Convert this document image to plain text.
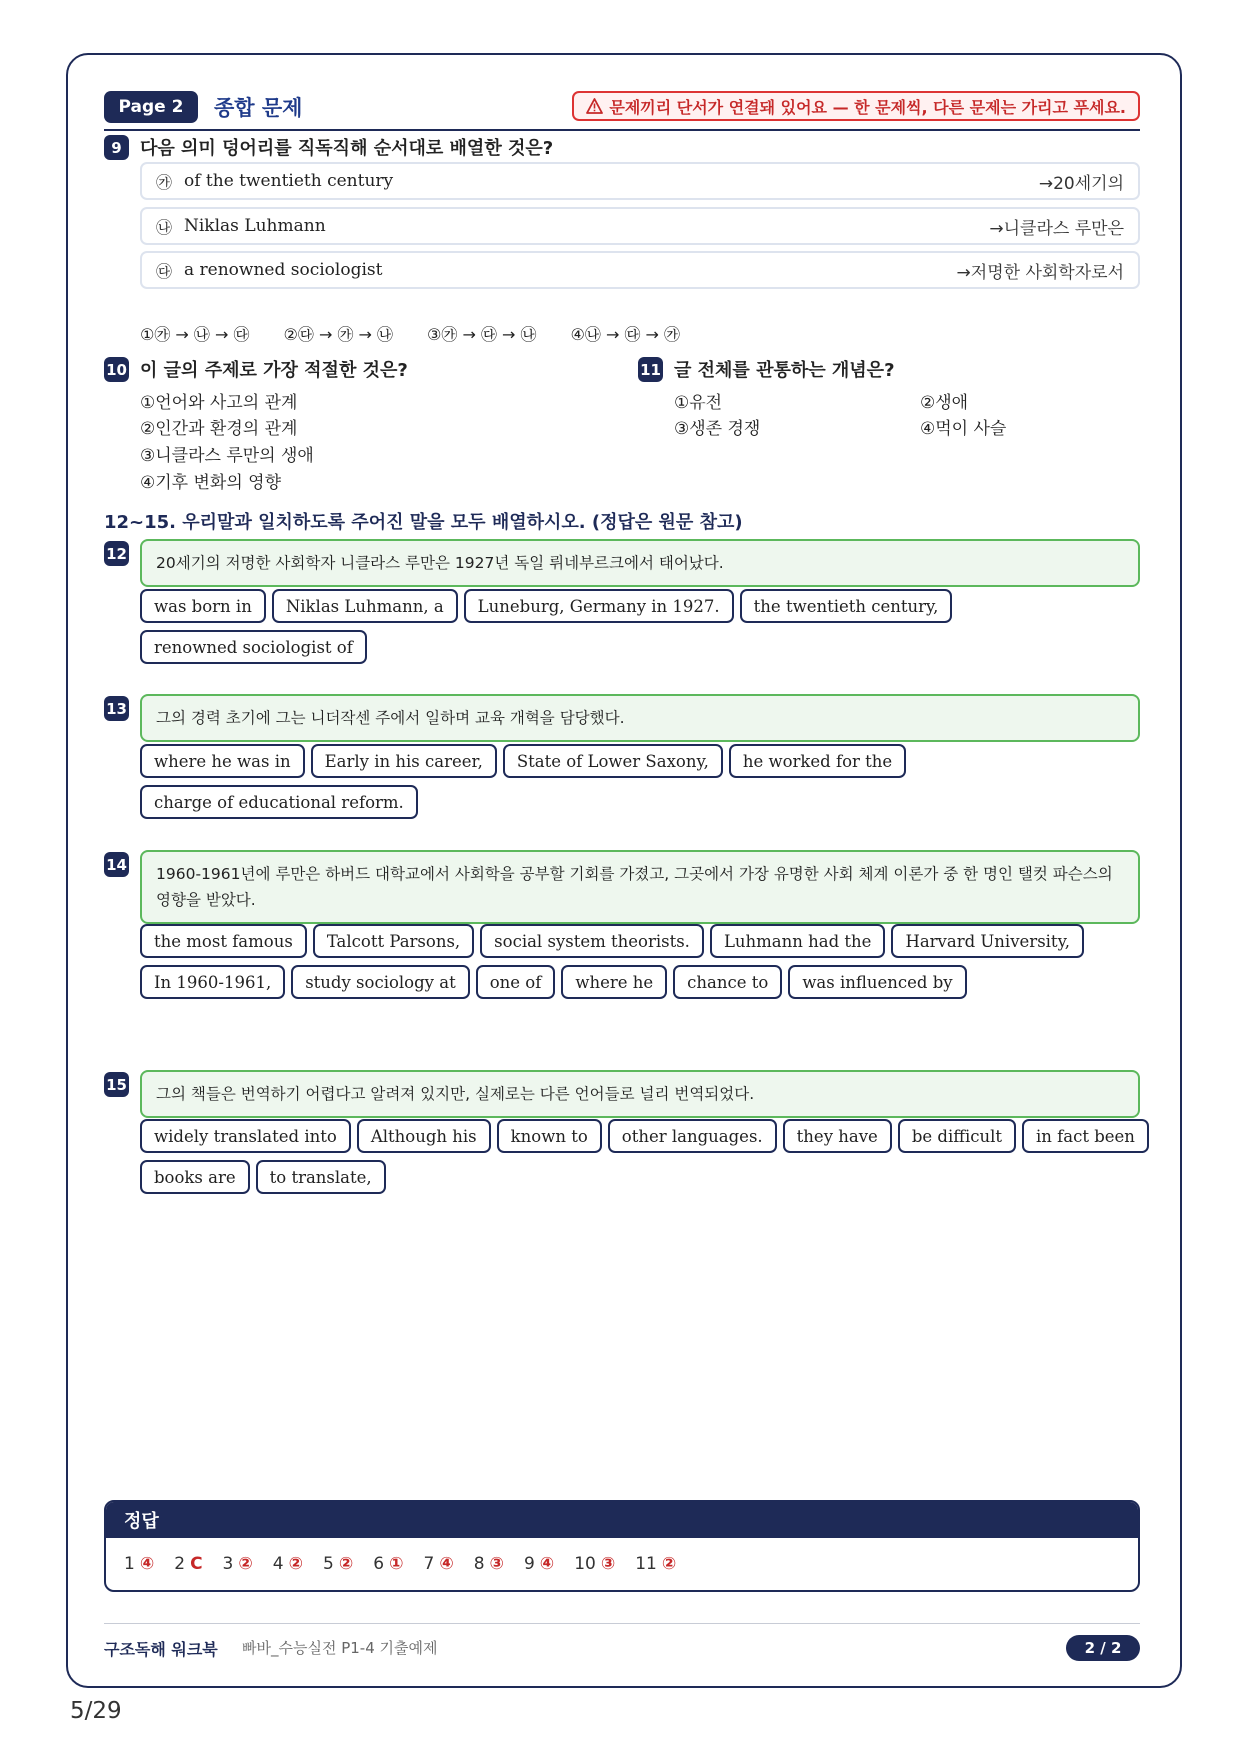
Page 2	종합 문제	문제끼리 단서가 연결돼 있어요 — 한 문제씩, 다른 문제는 가리고 푸세요.
9	다음 의미 덩어리를 직독직해 순서대로 배열한 것은?
㉮ of the twentieth century	→20세기의
㉯ Niklas Luhmann	→니클라스 루만은
㉰ a renowned sociologist	→저명한 사회학자로서
①㉮ → ㉯ → ㉰ ②㉰ → ㉮ → ㉯ ③㉮ → ㉰ → ㉯ ④㉯ → ㉰ → ㉮
10 이 글의 주제로 가장 적절한 것은?
①언어와 사고의 관계
②인간과 환경의 관계
③니클라스 루만의 생애
④기후 변화의 영향
11 글 전체를 관통하는 개념은?
①유전	②생애
③생존 경쟁	④먹이 사슬
12~15. 우리말과 일치하도록 주어진 말을 모두 배열하시오. (정답은 원문 참고)
12
20세기의 저명한 사회학자 니클라스 루만은 1927년 독일 뤼네부르크에서 태어났다.
was born in	Niklas Luhmann, a	Luneburg, Germany in 1927.	the twentieth century,
renowned sociologist of
13
그의 경력 초기에 그는 니더작센 주에서 일하며 교육 개혁을 담당했다.
where he was in	Early in his career,	State of Lower Saxony,	he worked for the
charge of educational reform.
14
1960-1961년에 루만은 하버드 대학교에서 사회학을 공부할 기회를 가졌고, 그곳에서 가장 유명한 사회 체계 이론가 중 한 명인 탤컷 파슨스의 영향을 받았다.
the most famous	Talcott Parsons,	social system theorists.	Luhmann had the	Harvard University,
In 1960-1961,	study sociology at	one of	where he	chance to	was influenced by
15
그의 책들은 번역하기 어렵다고 알려져 있지만, 실제로는 다른 언어들로 널리 번역되었다.
widely translated into	Although his	known to	other languages.	they have	be difficult	in fact been
books are	to translate,
정답
1 ④ 2 C 3 ② 4 ② 5 ② 6 ① 7 ④ 8 ③ 9 ④ 10 ③ 11 ②
구조독해 워크북 빠바_수능실전 P1-4 기출예제	2 / 2
5/29
